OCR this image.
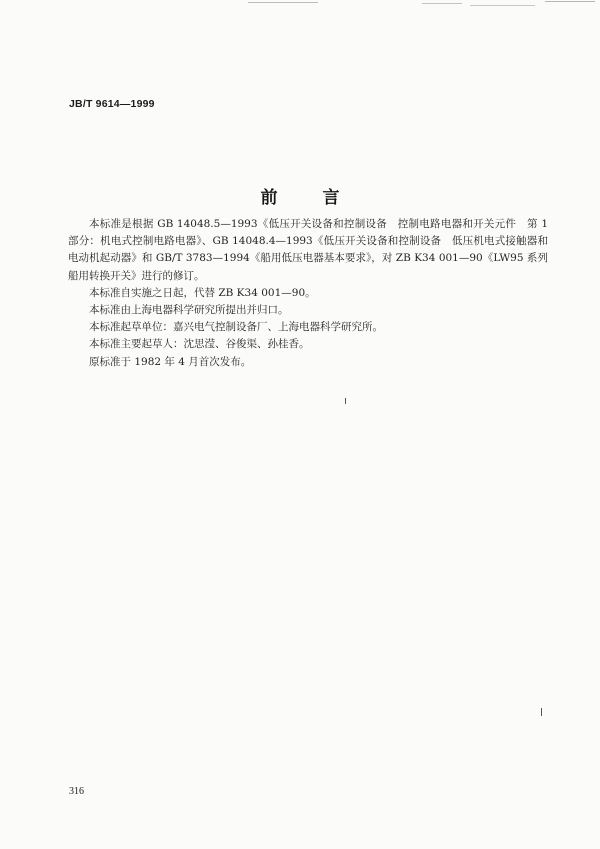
JB/T 9614—1999
前　言

本标准是根据 GB 14048.5—1993《低压开关设备和控制设备　控制电路电器和开关元件　第 1 部分：机电式控制电路电器》、GB 14048.4—1993《低压开关设备和控制设备　低压机电式接触器和电动机起动器》和 GB/T 3783—1994《船用低压电器基本要求》，对 ZB K34 001—90《LW95 系列船用转换开关》进行的修订。

本标准自实施之日起，代替 ZB K34 001—90。

本标准由上海电器科学研究所提出并归口。

本标准起草单位：嘉兴电气控制设备厂、上海电器科学研究所。

本标准主要起草人：沈思滢、谷俊渠、孙桂香。

原标准于 1982 年 4 月首次发布。

316
